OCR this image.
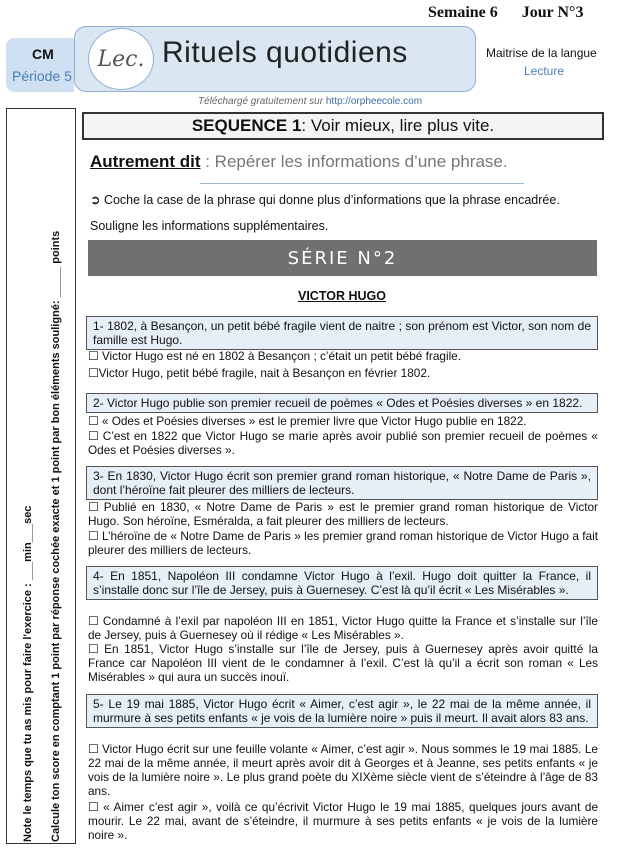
Semaine 6 Jour N°3
CM
Période 5
Lec. Rituels quotidiens	Maitrise de la langue
Lecture
Téléchargé gratuitement sur http://orpheecole.com
Note le temps que tu as mis pour faire l'exercice : ___min___sec	Calcule ton score en comptant 1 point par réponse cochée exacte et 1 point par bon éléments souligné: _____ points
SEQUENCE 1 : Voir mieux, lire plus vite.
Autrement dit : Repérer les informations d’une phrase.
➲ Coche la case de la phrase qui donne plus d’informations que la phrase encadrée.
Souligne les informations supplémentaires.
SÉRIE N°2
VICTOR HUGO
1- 1802, à Besançon, un petit bébé fragile vient de naitre ; son prénom est Victor, son nom de famille est Hugo.
☐ Victor Hugo est né en 1802 à Besançon ; c’était un petit bébé fragile.
☐Victor Hugo, petit bébé fragile, nait à Besançon en février 1802.
2- Victor Hugo publie son premier recueil de poèmes « Odes et Poésies diverses » en 1822.
☐ « Odes et Poésies diverses » est le premier livre que Victor Hugo publie en 1822.
☐ C’est en 1822 que Victor Hugo se marie après avoir publié son premier recueil de poèmes « Odes et Poésies diverses ».
3- En 1830, Victor Hugo écrit son premier grand roman historique, « Notre Dame de Paris », dont l’héroïne fait pleurer des milliers de lecteurs.
☐ Publié en 1830, « Notre Dame de Paris » est le premier grand roman historique de Victor Hugo. Son héroïne, Esméralda, a fait pleurer des milliers de lecteurs.
☐ L’héroïne de « Notre Dame de Paris » les premier grand roman historique de Victor Hugo a fait pleurer des milliers de lecteurs.
4- En 1851, Napoléon III condamne Victor Hugo à l’exil. Hugo doit quitter la France, il s’installe donc sur l’île de Jersey, puis à Guernesey. C’est là qu’il écrit « Les Misérables ».
☐ Condamné à l’exil par napoléon III en 1851, Victor Hugo quitte la France et s’installe sur l’île de Jersey, puis à Guernesey où il rédige « Les Misérables ».
☐ En 1851, Victor Hugo s’installe sur l’île de Jersey, puis à Guernesey après avoir quitté la France car Napoléon III vient de le condamner à l’exil. C’est là qu’il a écrit son roman « Les Misérables » qui aura un succès inouï.
5- Le 19 mai 1885, Victor Hugo écrit « Aimer, c’est agir », le 22 mai de la même année, il murmure à ses petits enfants « je vois de la lumière noire » puis il meurt. Il avait alors 83 ans.
☐ Victor Hugo écrit sur une feuille volante « Aimer, c’est agir ». Nous sommes le 19 mai 1885. Le 22 mai de la même année, il meurt après avoir dit à Georges et à Jeanne, ses petits enfants « je vois de la lumière noire ». Le plus grand poète du XIXème siècle vient de s’éteindre à l’âge de 83 ans.
☐ « Aimer c’est agir », voilà ce qu’écrivit Victor Hugo le 19 mai 1885, quelques jours avant de mourir. Le 22 mai, avant de s’éteindre, il murmure à ses petits enfants « je vois de la lumière noire ».
